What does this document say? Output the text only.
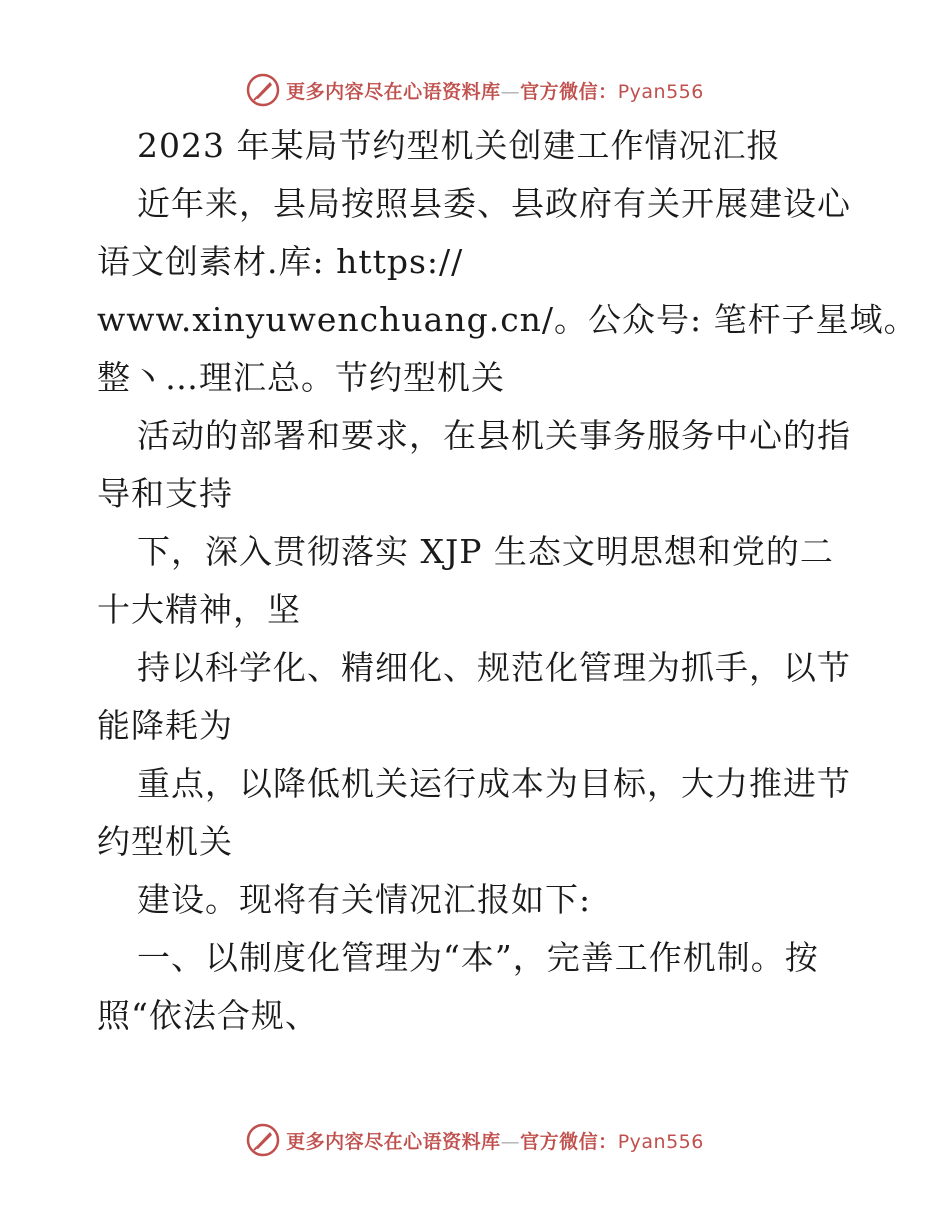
更多内容尽在心语资料库—官方微信：Pyan556
2023 年某局节约型机关创建工作情况汇报
近年来，县局按照县委、县政府有关开展建设心
语文创素材.库: https://
www.xinyuwenchuang.cn/。公众号: 笔杆子星域。
整丶…理汇总。节约型机关
活动的部署和要求，在县机关事务服务中心的指
导和支持
下，深入贯彻落实 XJP 生态文明思想和党的二
十大精神，坚
持以科学化、精细化、规范化管理为抓手，以节
能降耗为
重点，以降低机关运行成本为目标，大力推进节
约型机关
建设。现将有关情况汇报如下:
一、以制度化管理为“本”，完善工作机制。按
照“依法合规、
更多内容尽在心语资料库—官方微信：Pyan556
